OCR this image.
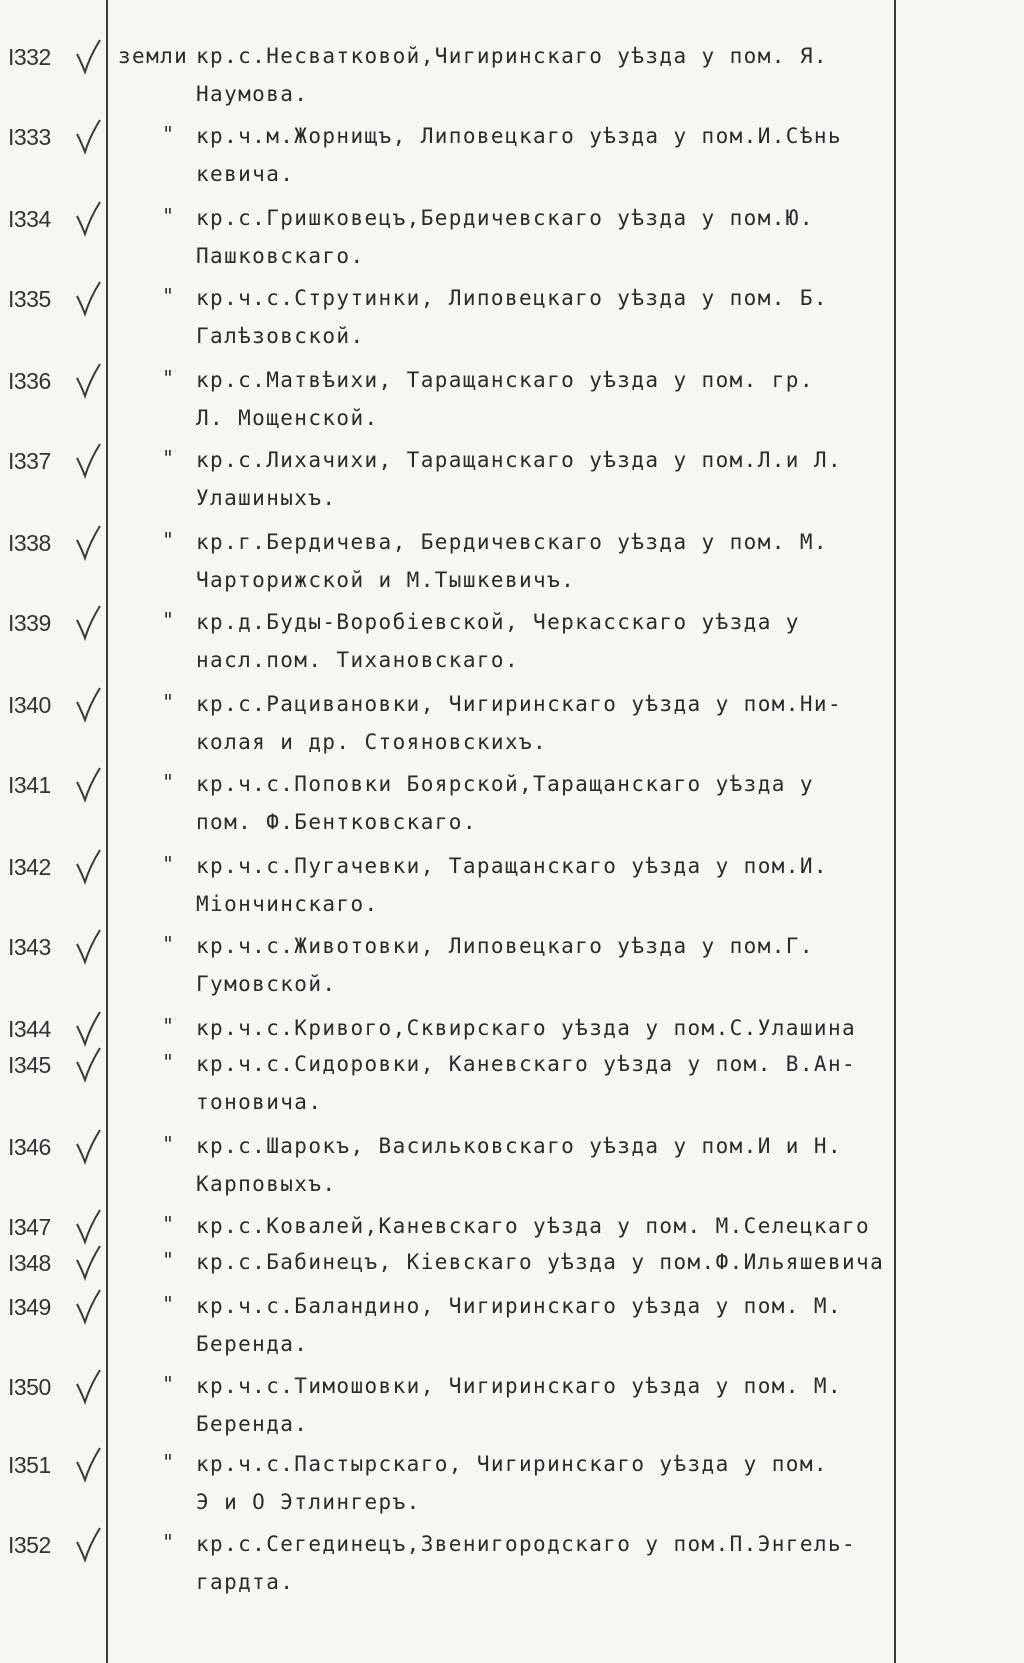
I332	земли кр.с.Несватковой,Чигиринскаго уѣзда у пом. Я.
Наумова.
I333	" кр.ч.м.Жорнищъ, Липовецкаго уѣзда у пом.И.Сѣнь
кевича.
I334	" кр.с.Гришковецъ,Бердичевскаго уѣзда у пом.Ю.
Пашковскаго.
I335	" кр.ч.с.Струтинки, Липовецкаго уѣзда у пом. Б.
Галѣзовской.
I336	" кр.с.Матвѣихи, Таращанскаго уѣзда у пом. гр.
Л. Мощенской.
I337	" кр.с.Лихачихи, Таращанскаго уѣзда у пом.Л.и Л.
Улашиныхъ.
I338	" кр.г.Бердичева, Бердичевскаго уѣзда у пом. М.
Чарторижской и М.Тышкевичъ.
I339	" кр.д.Буды-Воробiевской, Черкасскаго уѣзда у
насл.пом. Тихановскаго.
I340	" кр.с.Рацивановки, Чигиринскаго уѣзда у пом.Ни-
колая и др. Стояновскихъ.
I341	" кр.ч.с.Поповки Боярской,Таращанскаго уѣзда у
пом. Ф.Бентковскаго.
I342	" кр.ч.с.Пугачевки, Таращанскаго уѣзда у пом.И.
Мiончинскаго.
I343	" кр.ч.с.Животовки, Липовецкаго уѣзда у пом.Г.
Гумовской.
I344	" кр.ч.с.Кривого,Сквирскаго уѣзда у пом.С.Улашина
I345	" кр.ч.с.Сидоровки, Каневскаго уѣзда у пом. В.Ан-
тоновича.
I346	" кр.с.Шарокъ, Васильковскаго уѣзда у пом.И и Н.
Карповыхъ.
I347	" кр.с.Ковалей,Каневскаго уѣзда у пом. М.Селецкаго
I348	" кр.с.Бабинецъ, Кiевскаго уѣзда у пом.Ф.Ильяшевича
I349	" кр.ч.с.Баландино, Чигиринскаго уѣзда у пом. М.
Беренда.
I350	" кр.ч.с.Тимошовки, Чигиринскаго уѣзда у пом. М.
Беренда.
I351	" кр.ч.с.Пастырскаго, Чигиринскаго уѣзда у пом.
Э и О Этлингеръ.
I352	" кр.с.Сегединецъ,Звенигородскаго у пом.П.Энгель-
гардта.
